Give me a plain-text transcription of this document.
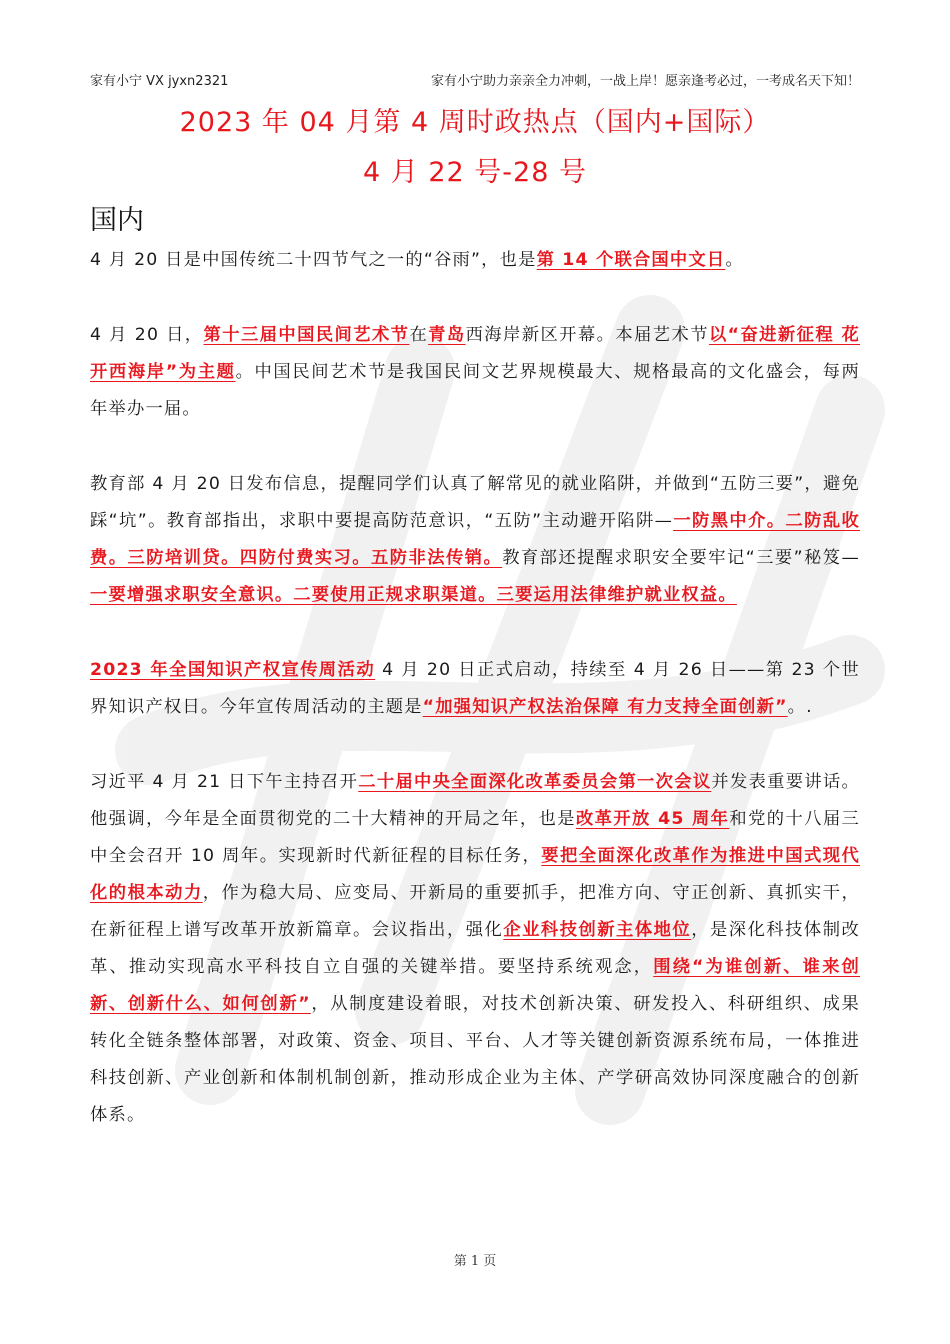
家有小宁 VX jyxn2321	家有小宁助力亲亲全力冲刺，一战上岸！愿亲逢考必过，一考成名天下知！
2023 年 04 月第 4 周时政热点（国内+国际）
4 月 22 号-28 号
国内

4 月 20 日是中国传统二十四节气之一的“谷雨”，也是第 14 个联合国中文日。

4 月 20 日，第十三届中国民间艺术节在青岛西海岸新区开幕。本届艺术节以“奋进新征程 花开西海岸”为主题。中国民间艺术节是我国民间文艺界规模最大、规格最高的文化盛会，每两年举办一届。

教育部 4 月 20 日发布信息，提醒同学们认真了解常见的就业陷阱，并做到“五防三要”，避免踩“坑”。教育部指出，求职中要提高防范意识，“五防”主动避开陷阱—一防黑中介。二防乱收费。三防培训贷。四防付费实习。五防非法传销。教育部还提醒求职安全要牢记“三要”秘笈—一要增强求职安全意识。二要使用正规求职渠道。三要运用法律维护就业权益。

2023 年全国知识产权宣传周活动 4 月 20 日正式启动，持续至 4 月 26 日——第 23 个世界知识产权日。今年宣传周活动的主题是“加强知识产权法治保障 有力支持全面创新”。.

习近平 4 月 21 日下午主持召开二十届中央全面深化改革委员会第一次会议并发表重要讲话。他强调，今年是全面贯彻党的二十大精神的开局之年，也是改革开放 45 周年和党的十八届三中全会召开 10 周年。实现新时代新征程的目标任务，要把全面深化改革作为推进中国式现代化的根本动力，作为稳大局、应变局、开新局的重要抓手，把准方向、守正创新、真抓实干，在新征程上谱写改革开放新篇章。会议指出，强化企业科技创新主体地位，是深化科技体制改革、推动实现高水平科技自立自强的关键举措。要坚持系统观念，围绕“为谁创新、谁来创新、创新什么、如何创新”，从制度建设着眼，对技术创新决策、研发投入、科研组织、成果转化全链条整体部署，对政策、资金、项目、平台、人才等关键创新资源系统布局，一体推进科技创新、产业创新和体制机制创新，推动形成企业为主体、产学研高效协同深度融合的创新体系。

第 1 页
